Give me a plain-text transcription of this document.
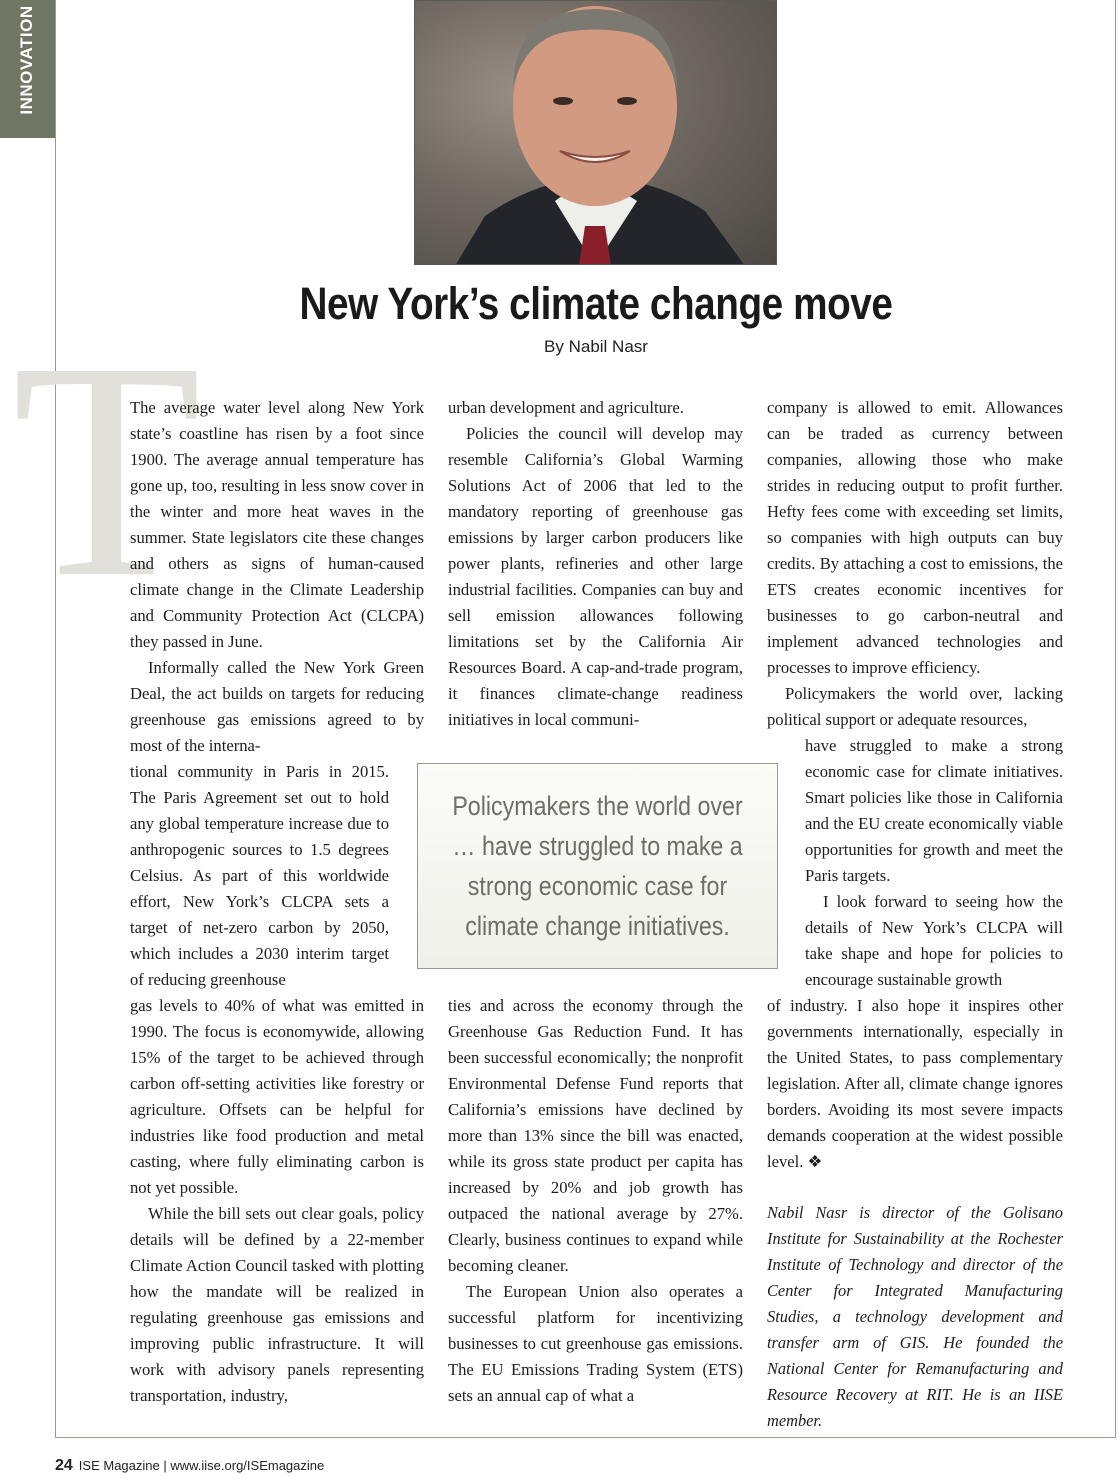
INNOVATION
T	New York’s climate change move
By Nabil Nasr

The average water level along New York state’s coastline has risen by a foot since 1900. The average annual temperature has gone up, too, resulting in less snow cover in the winter and more heat waves in the summer. State legislators cite these changes and others as signs of human-caused climate change in the Climate Leadership and Community Protection Act (CLCPA) they passed in June.

Informally called the New York Green Deal, the act builds on targets for reducing greenhouse gas emissions agreed to by most of the interna-

tional community in Paris in 2015. The Paris Agreement set out to hold any global temperature increase due to anthropogenic sources to 1.5 degrees Celsius. As part of this worldwide effort, New York’s CLCPA sets a target of net-zero carbon by 2050, which includes a 2030 interim target of reducing greenhouse

gas levels to 40% of what was emitted in 1990. The focus is economywide, allowing 15% of the target to be achieved through carbon off-setting activities like forestry or agriculture. Offsets can be helpful for industries like food production and metal casting, where fully eliminating carbon is not yet possible.

While the bill sets out clear goals, policy details will be defined by a 22-member Climate Action Council tasked with plotting how the mandate will be realized in regulating greenhouse gas emissions and improving public infrastructure. It will work with advisory panels representing transportation, industry,

urban development and agriculture.

Policies the council will develop may resemble California’s Global Warming Solutions Act of 2006 that led to the mandatory reporting of greenhouse gas emissions by larger carbon producers like power plants, refineries and other large industrial facilities. Companies can buy and sell emission allowances following limitations set by the California Air Resources Board. A cap-and-trade program, it finances climate-change readiness initiatives in local communi-

ties and across the economy through the Greenhouse Gas Reduction Fund. It has been successful economically; the nonprofit Environmental Defense Fund reports that California’s emissions have declined by more than 13% since the bill was enacted, while its gross state product per capita has increased by 20% and job growth has outpaced the national average by 27%. Clearly, business continues to expand while becoming cleaner.

The European Union also operates a successful platform for incentivizing businesses to cut greenhouse gas emissions. The EU Emissions Trading System (ETS) sets an annual cap of what a

Policymakers the world over … have struggled to make a strong economic case for climate change initiatives.

company is allowed to emit. Allowances can be traded as currency between companies, allowing those who make strides in reducing output to profit further. Hefty fees come with exceeding set limits, so companies with high outputs can buy credits. By attaching a cost to emissions, the ETS creates economic incentives for businesses to go carbon-neutral and implement advanced technologies and processes to improve efficiency.

Policymakers the world over, lacking political support or adequate resources,

have struggled to make a strong economic case for climate initiatives. Smart policies like those in California and the EU create economically viable opportunities for growth and meet the Paris targets.

I look forward to seeing how the details of New York’s CLCPA will take shape and hope for policies to encourage sustainable growth

of industry. I also hope it inspires other governments internationally, especially in the United States, to pass complementary legislation. After all, climate change ignores borders. Avoiding its most severe impacts demands cooperation at the widest possible level. ❖

Nabil Nasr is director of the Golisano Institute for Sustainability at the Rochester Institute of Technology and director of the Center for Integrated Manufacturing Studies, a technology development and transfer arm of GIS. He founded the National Center for Remanufacturing and Resource Recovery at RIT. He is an IISE member.
24 ISE Magazine | www.iise.org/ISEmagazine
